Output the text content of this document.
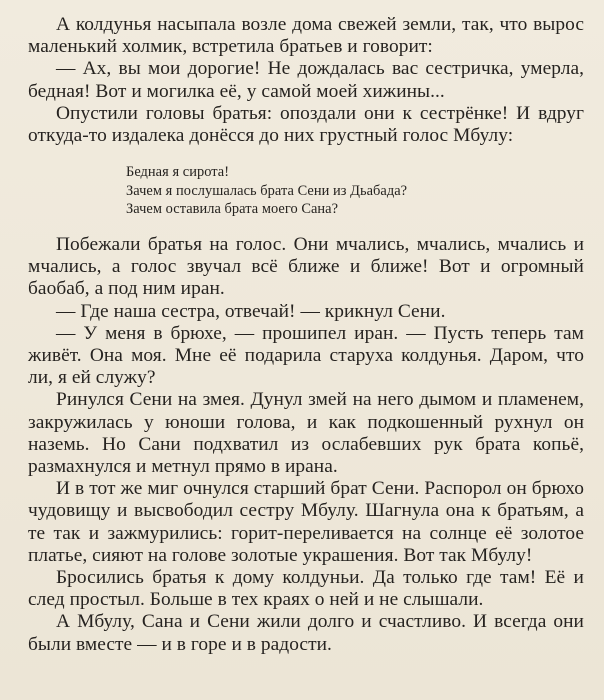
А колдунья насыпала возле дома свежей земли, так, что вырос маленький холмик, встретила братьев и говорит:

— Ах, вы мои дорогие! Не дождалась вас сестричка, умерла, бедная! Вот и могилка её, у самой моей хижины...

Опустили головы братья: опоздали они к сестрёнке! И вдруг откуда-то издалека донёсся до них грустный голос Мбулу:

Бедная я сирота!
Зачем я послушалась брата Сени из Дьабада?
Зачем оставила брата моего Сана?

Побежали братья на голос. Они мчались, мчались, мчались и мчались, а голос звучал всё ближе и ближе! Вот и огромный баобаб, а под ним иран.

— Где наша сестра, отвечай! — крикнул Сени.

— У меня в брюхе, — прошипел иран. — Пусть теперь там живёт. Она моя. Мне её подарила старуха колдунья. Даром, что ли, я ей служу?

Ринулся Сени на змея. Дунул змей на него дымом и пламенем, закружилась у юноши голова, и как подкошенный рухнул он наземь. Но Сани подхватил из ослабевших рук брата копьё, размахнулся и метнул прямо в ирана.

И в тот же миг очнулся старший брат Сени. Распорол он брюхо чудовищу и высвободил сестру Мбулу. Шагнула она к братьям, а те так и зажмурились: горит-переливается на солнце её золотое платье, сияют на голове золотые украшения. Вот так Мбулу!

Бросились братья к дому колдуньи. Да только где там! Её и след простыл. Больше в тех краях о ней и не слышали.

А Мбулу, Сана и Сени жили долго и счастливо. И всегда они были вместе — и в горе и в радости.
